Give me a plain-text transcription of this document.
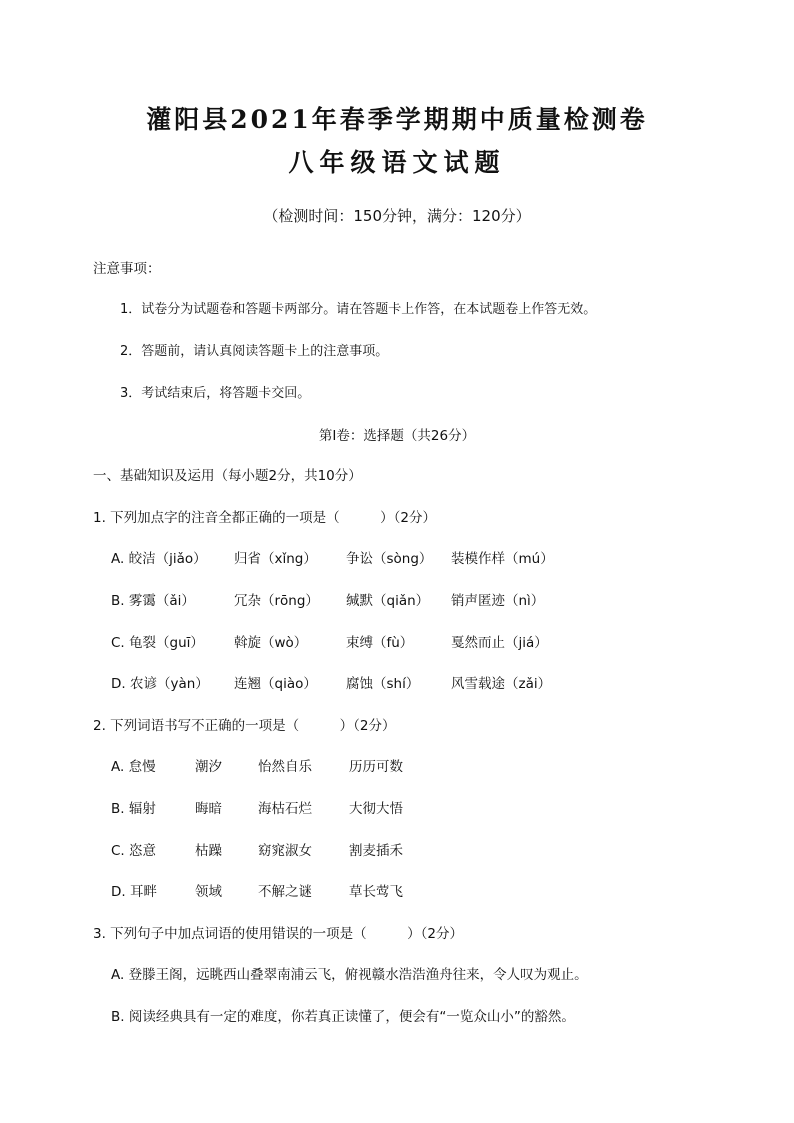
灌阳县2021年春季学期期中质量检测卷
八年级语文试题
（检测时间：150分钟，满分：120分）
注意事项：
1．试卷分为试题卷和答题卡两部分。请在答题卡上作答，在本试题卷上作答无效。
2．答题前，请认真阅读答题卡上的注意事项。
3．考试结束后，将答题卡交回。
第Ⅰ卷：选择题（共26分）
一、基础知识及运用（每小题2分，共10分）
1. 下列加点字的注音全都正确的一项是（　　　）（2分）
A. 皎洁（jiǎo） 归省（xǐng） 争讼（sòng） 装模作样（mú）
B. 雾霭（ǎi）	冗杂（rōng） 缄默（qiǎn） 销声匿迹（nì）
C. 龟裂（guī） 斡旋（wò）	束缚（fù）	戛然而止（jiá）
D. 农谚（yàn） 连翘（qiào） 腐蚀（shí） 风雪载途（zǎi）
2. 下列词语书写不正确的一项是（　　　）（2分）
A. 怠慢	潮汐	怡然自乐	历历可数
B. 辐射	晦暗	海枯石烂	大彻大悟
C. 恣意	枯躁	窈窕淑女	割麦插禾
D. 耳畔	领域	不解之谜	草长莺飞
3. 下列句子中加点词语的使用错误的一项是（　　　）（2分）
A. 登滕王阁，远眺西山叠翠南浦云飞，俯视赣水浩浩渔舟往来，令人叹为观止。
B. 阅读经典具有一定的难度，你若真正读懂了，便会有“一览众山小”的豁然。
